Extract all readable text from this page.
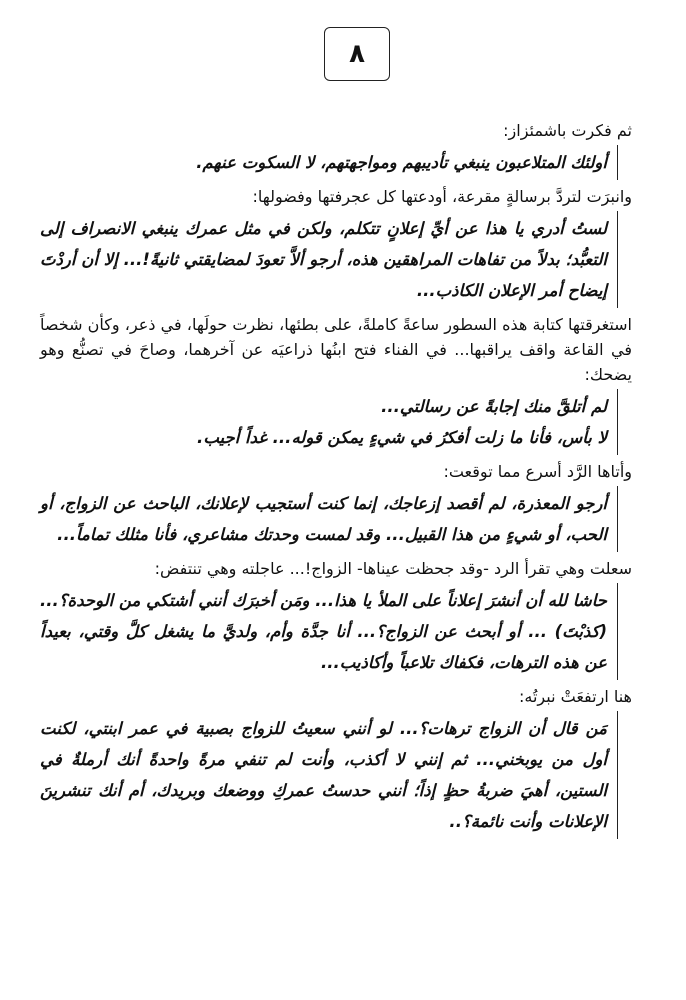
٨

ثم فكرت باشمئزاز:

أولئك المتلاعبون ينبغي تأديبهم ومواجهتهم، لا السكوت عنهم.

وانبرَت لتردَّ برسالةٍ مقرعة، أودعتها كل عجرفتها وفضولها:

لستُ أدري يا هذا عن أيِّ إعلانٍ تتكلم، ولكن في مثل عمرك ينبغي الانصراف إلى التعبُّد؛ بدلاً من تفاهات المراهقين هذه، أرجو ألاَّ تعودَ لمضايقتي ثانيةً!... إلا أن أردْتَ إيضاح أمر الإعلان الكاذب...

استغرقتها كتابة هذه السطور ساعةً كاملةً، على بطئها، نظرت حولَها، في ذعر، وكأن شخصاً في القاعة واقف يراقبها... في الفناء فتح ابنُها ذراعيَه عن آخرهما، وصاحَ في تصنُّع وهو يضحك:

لم أتلقَّ منك إجابةً عن رسالتي...
لا بأس، فأنا ما زلت أفكرُ في شيءٍ يمكن قوله... غداً أجيب.

وأتاها الرَّد أسرع مما توقعت:

أرجو المعذرة، لم أقصد إزعاجك، إنما كنت أستجيب لإعلانك، الباحث عن الزواج، أو الحب، أو شيءٍ من هذا القبيل... وقد لمست وحدتك مشاعري، فأنا مثلك تماماً...

سعلت وهي تقرأ الرد -وقد جحظت عيناها- الزواج!... عاجلته وهي تنتفض:

حاشا لله أن أنشرَ إعلاناً على الملأ يا هذا... ومَن أخبرَك أنني أشتكي من الوحدة؟... (كذبْتَ) ... أو أبحث عن الزواج؟... أنا جدَّة وأم، ولديَّ ما يشغل كلَّ وقتي، بعيداً عن هذه الترهات، فكفاك تلاعباً وأكاذيب...

هنا ارتفعَتْ نبرتُه:

مَن قال أن الزواج ترهات؟... لو أنني سعيتُ للزواج بصبية في عمر ابنتي، لكنت أول من يوبخني... ثم إنني لا أكذب، وأنت لم تنفي مرةً واحدةً أنك أرملةٌ في الستين، أهيَ ضربةُ حظٍ إذاً؛ أنني حدستُ عمركِ ووضعك وبريدك، أم أنك تنشرينَ الإعلانات وأنت نائمة؟..
